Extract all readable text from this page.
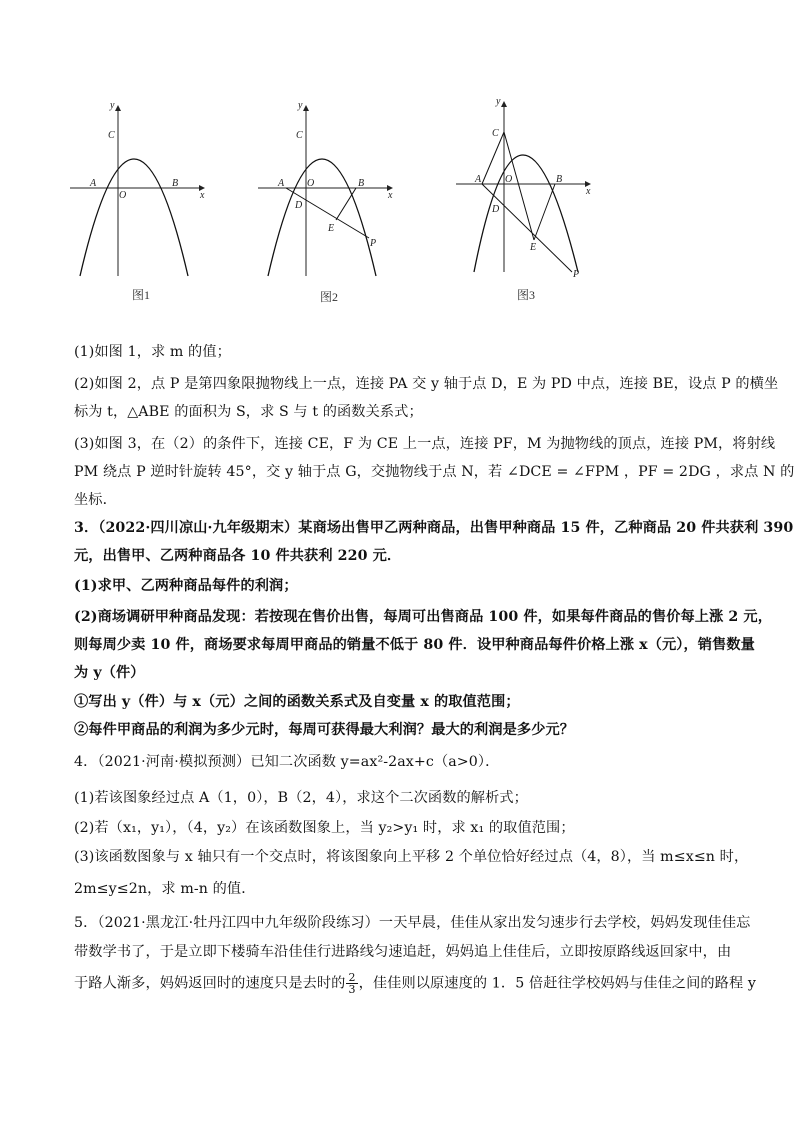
y
x
C
A
O
B
图1
y
x
C
A O	B
D
E
P
图2
y
x
C
A O	B
D
E
P
图3
(1)如图 1，求 m 的值；
(2)如图 2，点 P 是第四象限抛物线上一点，连接 PA 交 y 轴于点 D，E 为 PD 中点，连接 BE，设点 P 的横坐
标为 t，△ABE 的面积为 S，求 S 与 t 的函数关系式；
(3)如图 3，在（2）的条件下，连接 CE，F 为 CE 上一点，连接 PF，M 为抛物线的顶点，连接 PM，将射线
PM 绕点 P 逆时针旋转 45°，交 y 轴于点 G，交抛物线于点 N，若 ∠DCE = ∠FPM ，PF = 2DG ，求点 N 的
坐标．
3．（2022·四川凉山·九年级期末）某商场出售甲乙两种商品，出售甲种商品 15 件，乙种商品 20 件共获利 390
元，出售甲、乙两种商品各 10 件共获利 220 元．
(1)求甲、乙两种商品每件的利润；
(2)商场调研甲种商品发现：若按现在售价出售，每周可出售商品 100 件，如果每件商品的售价每上涨 2 元，
则每周少卖 10 件，商场要求每周甲商品的销量不低于 80 件．设甲种商品每件价格上涨 x（元），销售数量
为 y（件）
①写出 y（件）与 x（元）之间的函数关系式及自变量 x 的取值范围；
②每件甲商品的利润为多少元时，每周可获得最大利润？最大的利润是多少元？
4．（2021·河南·模拟预测）已知二次函数 y=ax²-2ax+c（a>0）．
(1)若该图象经过点 A（1，0），B（2，4），求这个二次函数的解析式；
(2)若（x₁，y₁），（4，y₂）在该函数图象上，当 y₂>y₁ 时，求 x₁ 的取值范围；
(3)该函数图象与 x 轴只有一个交点时，将该图象向上平移 2 个单位恰好经过点（4，8），当 m≤x≤n 时，
2m≤y≤2n，求 m-n 的值．
5．（2021·黑龙江·牡丹江四中九年级阶段练习）一天早晨，佳佳从家出发匀速步行去学校，妈妈发现佳佳忘
带数学书了，于是立即下楼骑车沿佳佳行进路线匀速追赶，妈妈追上佳佳后，立即按原路线返回家中，由
于路人渐多，妈妈返回时的速度只是去时的 $\frac{2}{3}$ ，佳佳则以原速度的 1．5 倍赶往学校妈妈与佳佳之间的路程 y
